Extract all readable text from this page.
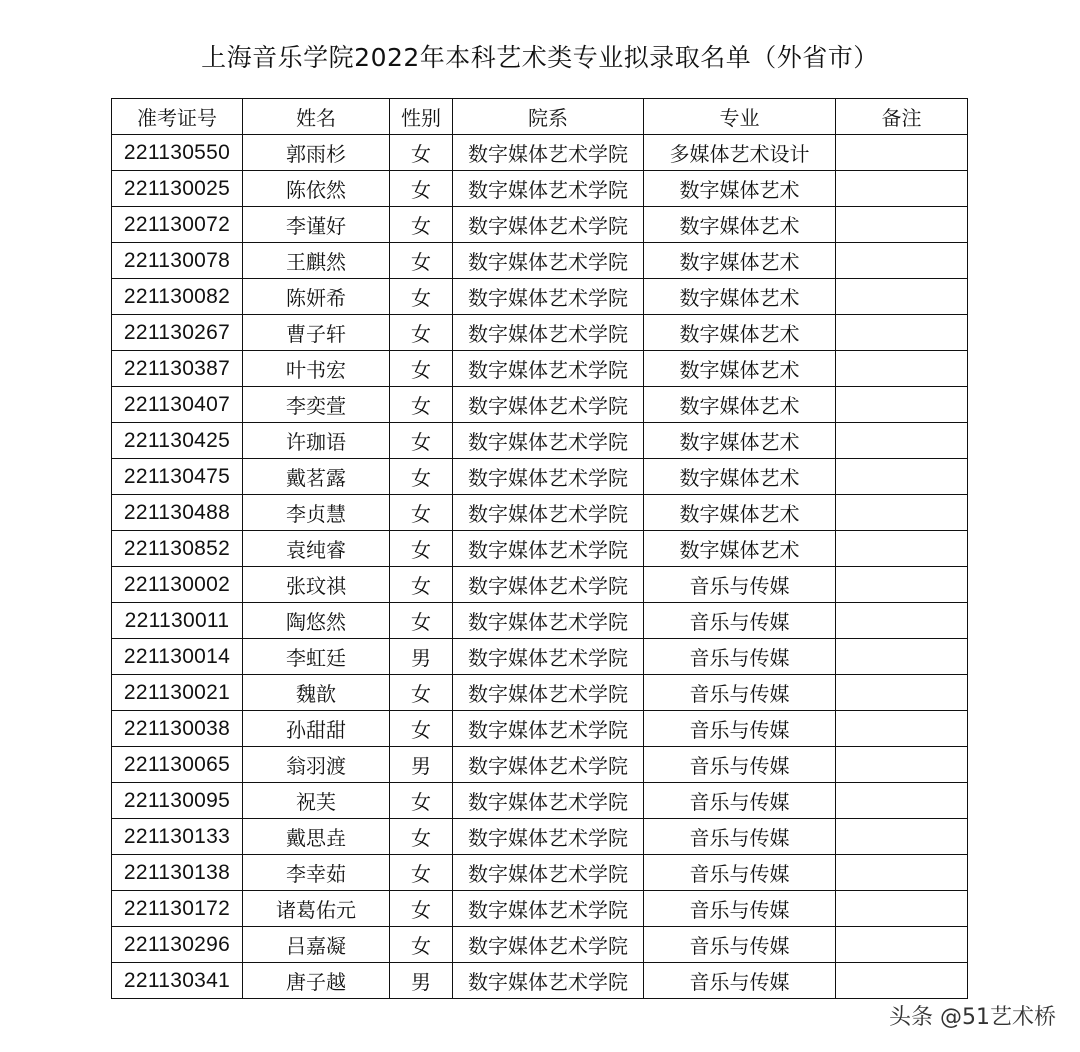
上海音乐学院2022年本科艺术类专业拟录取名单（外省市）
准考证号	姓名	性别	院系	专业	备注
221130550	郭雨杉	女	数字媒体艺术学院	多媒体艺术设计	
221130025	陈依然	女	数字媒体艺术学院	数字媒体艺术	
221130072	李谨好	女	数字媒体艺术学院	数字媒体艺术	
221130078	王麒然	女	数字媒体艺术学院	数字媒体艺术	
221130082	陈妍希	女	数字媒体艺术学院	数字媒体艺术	
221130267	曹子轩	女	数字媒体艺术学院	数字媒体艺术	
221130387	叶书宏	女	数字媒体艺术学院	数字媒体艺术	
221130407	李奕萱	女	数字媒体艺术学院	数字媒体艺术	
221130425	许珈语	女	数字媒体艺术学院	数字媒体艺术	
221130475	戴茗露	女	数字媒体艺术学院	数字媒体艺术	
221130488	李贞慧	女	数字媒体艺术学院	数字媒体艺术	
221130852	袁纯睿	女	数字媒体艺术学院	数字媒体艺术	
221130002	张玟祺	女	数字媒体艺术学院	音乐与传媒	
221130011	陶悠然	女	数字媒体艺术学院	音乐与传媒	
221130014	李虹廷	男	数字媒体艺术学院	音乐与传媒	
221130021	魏歆	女	数字媒体艺术学院	音乐与传媒	
221130038	孙甜甜	女	数字媒体艺术学院	音乐与传媒	
221130065	翁羽渡	男	数字媒体艺术学院	音乐与传媒	
221130095	祝芙	女	数字媒体艺术学院	音乐与传媒	
221130133	戴思垚	女	数字媒体艺术学院	音乐与传媒	
221130138	李幸茹	女	数字媒体艺术学院	音乐与传媒	
221130172	诸葛佑元	女	数字媒体艺术学院	音乐与传媒	
221130296	吕嘉凝	女	数字媒体艺术学院	音乐与传媒	
221130341	唐子越	男	数字媒体艺术学院	音乐与传媒	
头条 @51艺术桥
